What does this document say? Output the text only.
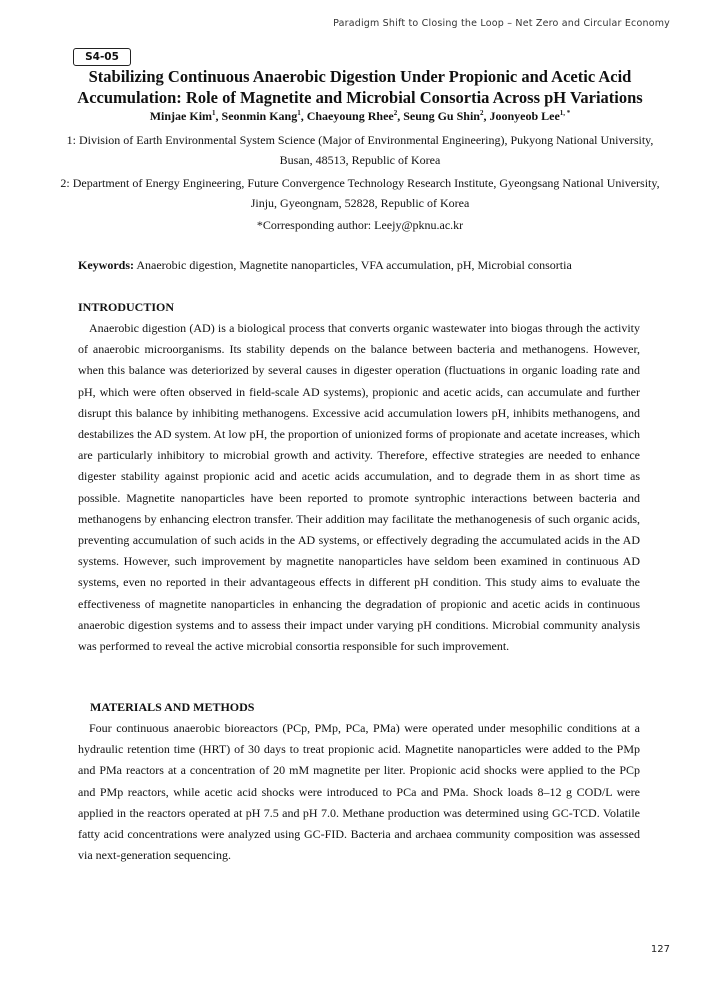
Paradigm Shift to Closing the Loop – Net Zero and Circular Economy
S4-05
Stabilizing Continuous Anaerobic Digestion Under Propionic and Acetic Acid Accumulation: Role of Magnetite and Microbial Consortia Across pH Variations
Minjae Kim$^1$, Seonmin Kang$^1$, Chaeyoung Rhee$^2$, Seung Gu Shin$^2$, Joonyeob Lee$^{1, *}$
1: Division of Earth Environmental System Science (Major of Environmental Engineering), Pukyong National University, Busan, 48513, Republic of Korea
2: Department of Energy Engineering, Future Convergence Technology Research Institute, Gyeongsang National University, Jinju, Gyeongnam, 52828, Republic of Korea
*Corresponding author: Leejy@pknu.ac.kr
Keywords: Anaerobic digestion, Magnetite nanoparticles, VFA accumulation, pH, Microbial consortia
INTRODUCTION

Anaerobic digestion (AD) is a biological process that converts organic wastewater into biogas through the activity of anaerobic microorganisms. Its stability depends on the balance between bacteria and methanogens. However, when this balance was deteriorized by several causes in digester operation (fluctuations in organic loading rate and pH, which were often observed in field-scale AD systems), propionic and acetic acids, can accumulate and further disrupt this balance by inhibiting methanogens. Excessive acid accumulation lowers pH, inhibits methanogens, and destabilizes the AD system. At low pH, the proportion of unionized forms of propionate and acetate increases, which are particularly inhibitory to microbial growth and activity. Therefore, effective strategies are needed to enhance digester stability against propionic acid and acetic acids accumulation, and to degrade them in as short time as possible. Magnetite nanoparticles have been reported to promote syntrophic interactions between bacteria and methanogens by enhancing electron transfer. Their addition may facilitate the methanogenesis of such organic acids, preventing accumulation of such acids in the AD systems, or effectively degrading the accumulated acids in the AD systems. However, such improvement by magnetite nanoparticles have seldom been examined in continuous AD systems, even no reported in their advantageous effects in different pH condition. This study aims to evaluate the effectiveness of magnetite nanoparticles in enhancing the degradation of propionic and acetic acids in continuous anaerobic digestion systems and to assess their impact under varying pH conditions. Microbial community analysis was performed to reveal the active microbial consortia responsible for such improvement.

MATERIALS AND METHODS

Four continuous anaerobic bioreactors (PCp, PMp, PCa, PMa) were operated under mesophilic conditions at a hydraulic retention time (HRT) of 30 days to treat propionic acid. Magnetite nanoparticles were added to the PMp and PMa reactors at a concentration of 20 mM magnetite per liter. Propionic acid shocks were applied to the PCp and PMp reactors, while acetic acid shocks were introduced to PCa and PMa. Shock loads 8–12 g COD/L were applied in the reactors operated at pH 7.5 and pH 7.0. Methane production was determined using GC-TCD. Volatile fatty acid concentrations were analyzed using GC-FID. Bacteria and archaea community composition was assessed via next-generation sequencing.

127
